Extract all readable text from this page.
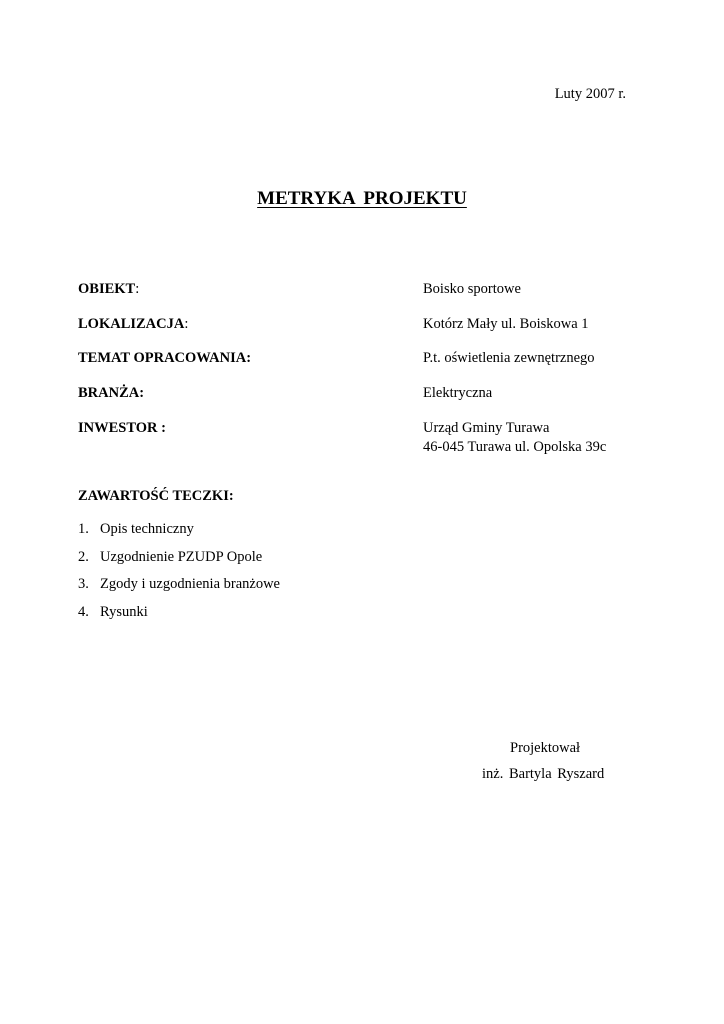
Luty 2007 r.
METRYKA PROJEKTU
OBIEKT:	Boisko sportowe
LOKALIZACJA:	Kotórz Mały ul. Boiskowa 1
TEMAT OPRACOWANIA:	P.t. oświetlenia zewnętrznego
BRANŻA:	Elektryczna
INWESTOR :	Urząd Gminy Turawa
46-045 Turawa ul. Opolska 39c
ZAWARTOŚĆ TECZKI:
1. Opis techniczny
2. Uzgodnienie PZUDP Opole
3. Zgody i uzgodnienia branżowe
4. Rysunki
Projektował
inż. Bartyla Ryszard
